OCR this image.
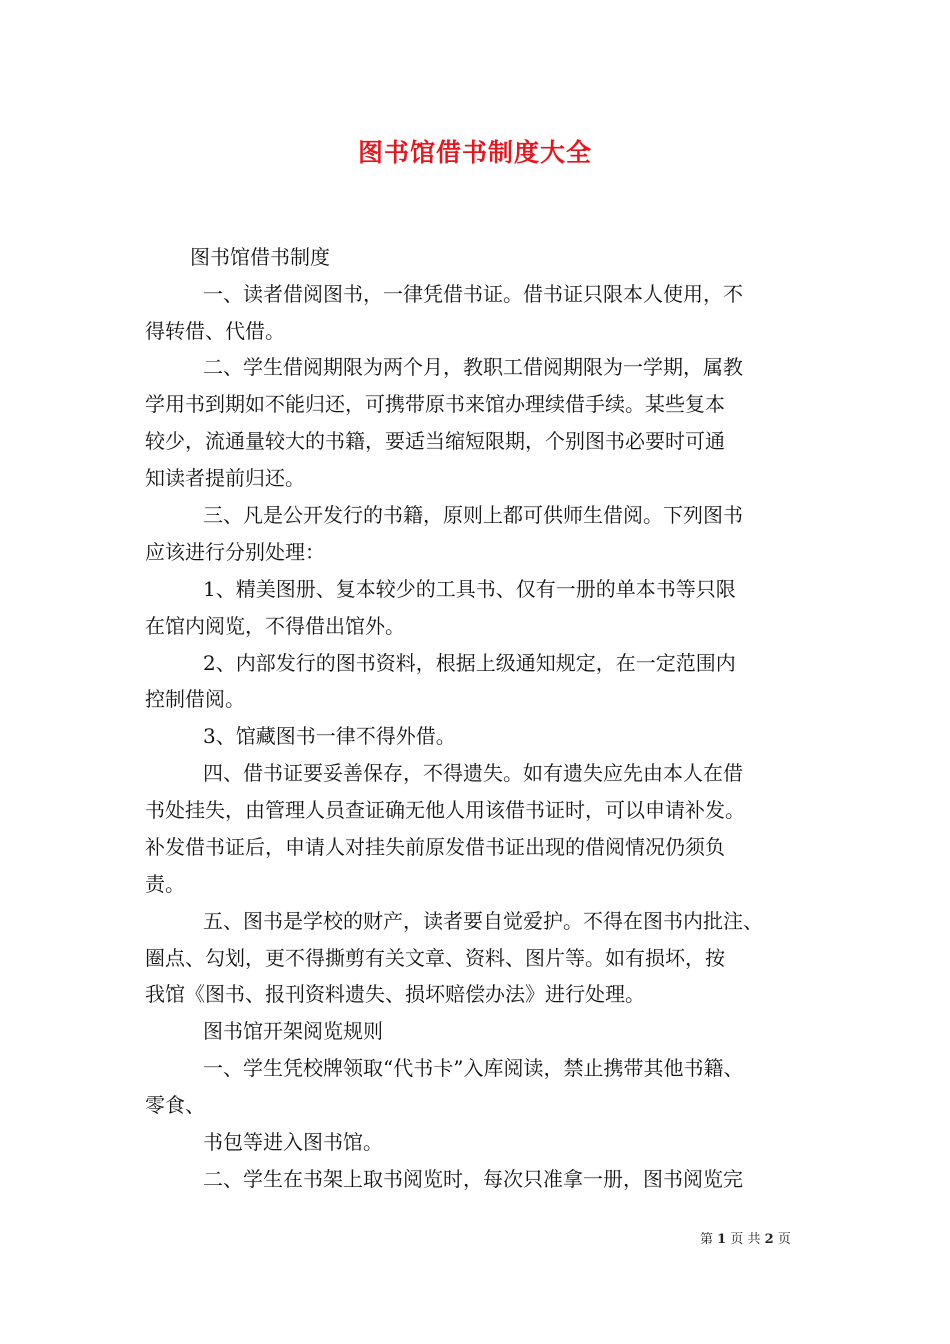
图书馆借书制度大全
图书馆借书制度
一、读者借阅图书，一律凭借书证。借书证只限本人使用，不
得转借、代借。
二、学生借阅期限为两个月，教职工借阅期限为一学期，属教
学用书到期如不能归还，可携带原书来馆办理续借手续。某些复本
较少，流通量较大的书籍，要适当缩短限期，个别图书必要时可通
知读者提前归还。
三、凡是公开发行的书籍，原则上都可供师生借阅。下列图书
应该进行分别处理：
1、精美图册、复本较少的工具书、仅有一册的单本书等只限
在馆内阅览，不得借出馆外。
2、内部发行的图书资料，根据上级通知规定，在一定范围内
控制借阅。
3、馆藏图书一律不得外借。
四、借书证要妥善保存，不得遗失。如有遗失应先由本人在借
书处挂失，由管理人员查证确无他人用该借书证时，可以申请补发。
补发借书证后，申请人对挂失前原发借书证出现的借阅情况仍须负
责。
五、图书是学校的财产，读者要自觉爱护。不得在图书内批注、
圈点、勾划，更不得撕剪有关文章、资料、图片等。如有损坏，按
我馆《图书、报刊资料遗失、损坏赔偿办法》进行处理。
图书馆开架阅览规则
一、学生凭校牌领取“代书卡”入库阅读，禁止携带其他书籍、
零食、
书包等进入图书馆。
二、学生在书架上取书阅览时，每次只准拿一册，图书阅览完
第 1 页 共 2 页
